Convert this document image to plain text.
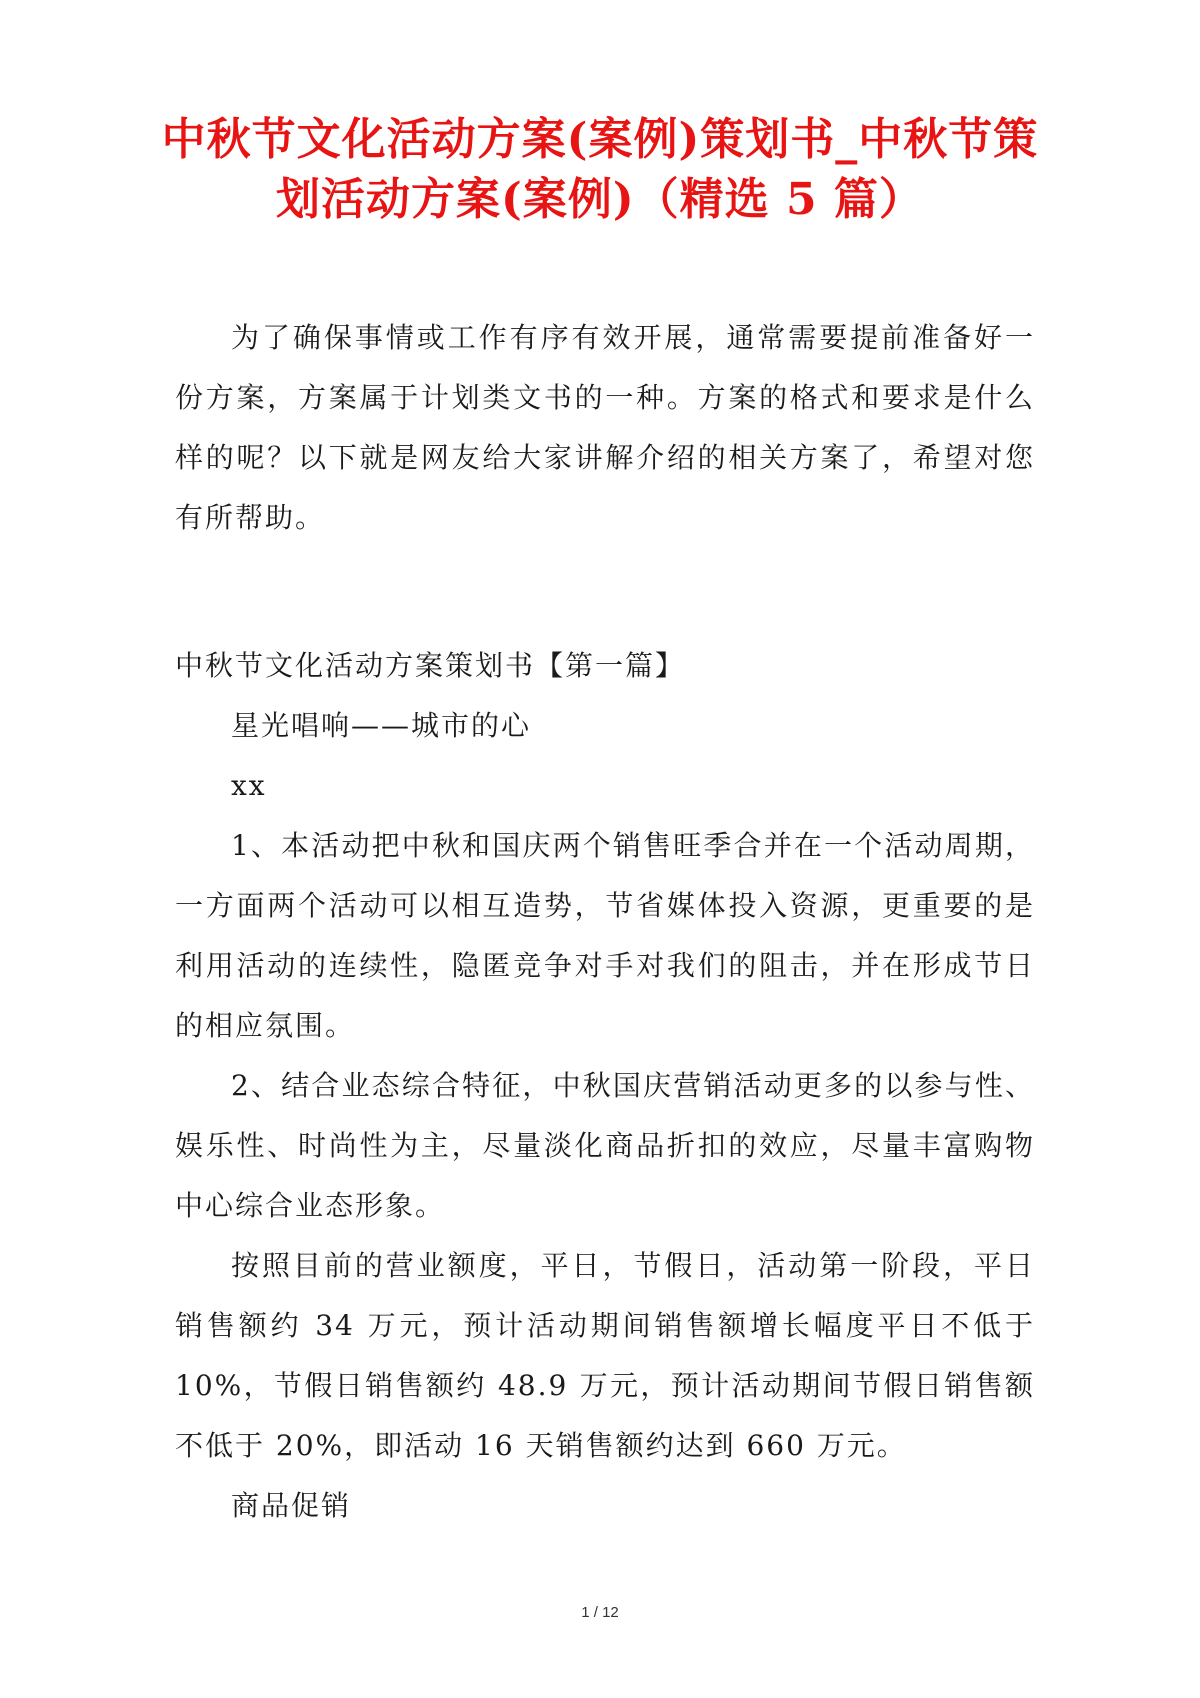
中秋节文化活动方案(案例)策划书_中秋节策划活动方案(案例)（精选 5 篇）

为了确保事情或工作有序有效开展，通常需要提前准备好一份方案，方案属于计划类文书的一种。方案的格式和要求是什么样的呢？以下就是网友给大家讲解介绍的相关方案了，希望对您有所帮助。

中秋节文化活动方案策划书【第一篇】

星光唱响——城市的心

xx

1、本活动把中秋和国庆两个销售旺季合并在一个活动周期，一方面两个活动可以相互造势，节省媒体投入资源，更重要的是利用活动的连续性，隐匿竞争对手对我们的阻击，并在形成节日的相应氛围。

2、结合业态综合特征，中秋国庆营销活动更多的以参与性、娱乐性、时尚性为主，尽量淡化商品折扣的效应，尽量丰富购物中心综合业态形象。

按照目前的营业额度，平日，节假日，活动第一阶段，平日销售额约 34 万元，预计活动期间销售额增长幅度平日不低于 10%，节假日销售额约 48.9 万元，预计活动期间节假日销售额不低于 20%，即活动 16 天销售额约达到 660 万元。

商品促销

1 / 12
